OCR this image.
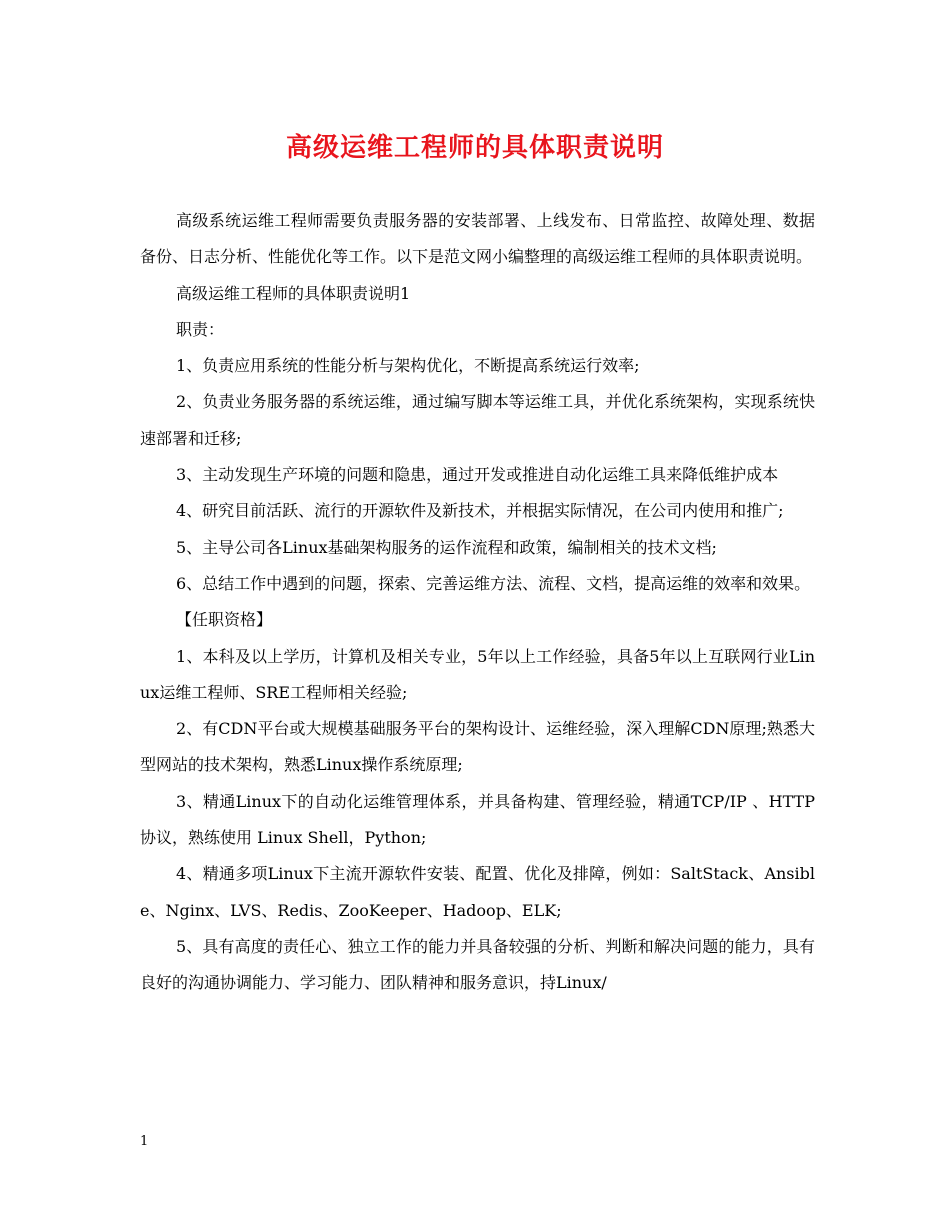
高级运维工程师的具体职责说明

高级系统运维工程师需要负责服务器的安装部署、上线发布、日常监控、故障处理、数据备份、日志分析、性能优化等工作。以下是范文网小编整理的高级运维工程师的具体职责说明。

高级运维工程师的具体职责说明1

职责：

1、负责应用系统的性能分析与架构优化，不断提高系统运行效率;

2、负责业务服务器的系统运维，通过编写脚本等运维工具，并优化系统架构，实现系统快速部署和迁移;

3、主动发现生产环境的问题和隐患，通过开发或推进自动化运维工具来降低维护成本

4、研究目前活跃、流行的开源软件及新技术，并根据实际情况，在公司内使用和推广;

5、主导公司各Linux基础架构服务的运作流程和政策，编制相关的技术文档;

6、总结工作中遇到的问题，探索、完善运维方法、流程、文档，提高运维的效率和效果。

【任职资格】

1、本科及以上学历，计算机及相关专业，5年以上工作经验，具备5年以上互联网行业Linux运维工程师、SRE工程师相关经验;

2、有CDN平台或大规模基础服务平台的架构设计、运维经验，深入理解CDN原理;熟悉大型网站的技术架构，熟悉Linux操作系统原理;

3、精通Linux下的自动化运维管理体系，并具备构建、管理经验，精通TCP/IP 、HTTP 协议，熟练使用 Linux Shell，Python;

4、精通多项Linux下主流开源软件安装、配置、优化及排障，例如：SaltStack、Ansible、Nginx、LVS、Redis、ZooKeeper、Hadoop、ELK;

5、具有高度的责任心、独立工作的能力并具备较强的分析、判断和解决问题的能力，具有良好的沟通协调能力、学习能力、团队精神和服务意识，持Linux/

1
